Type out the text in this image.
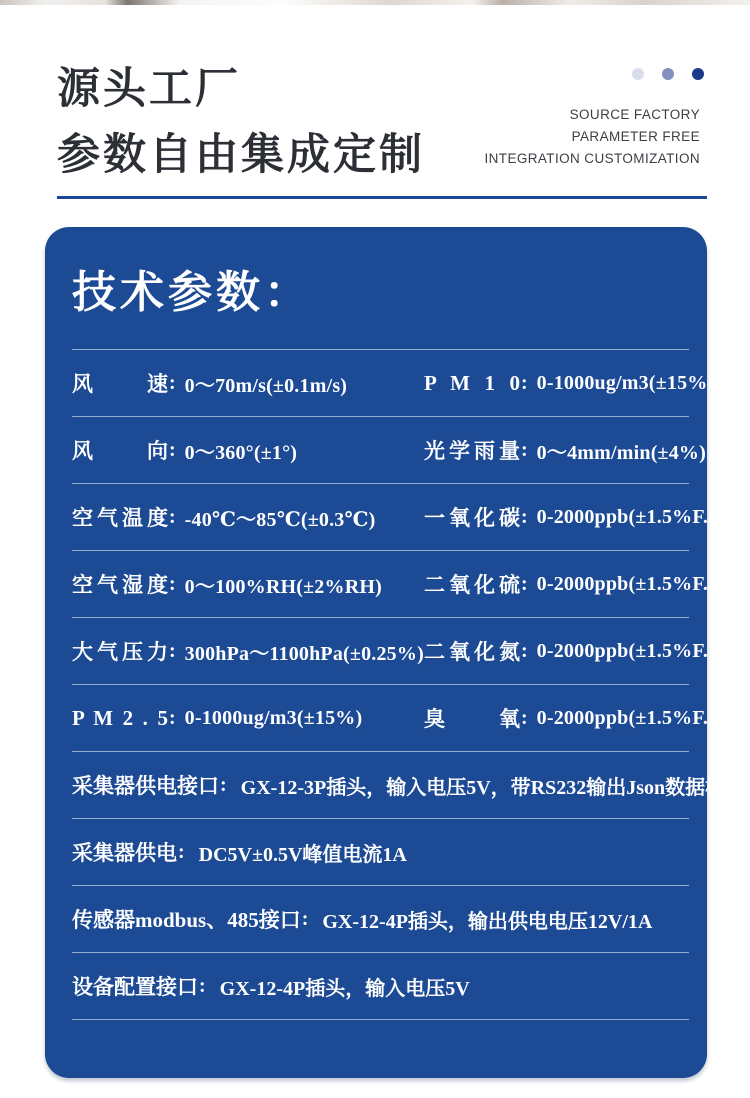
源头工厂
参数自由集成定制
SOURCE FACTORY
PARAMETER FREE
INTEGRATION CUSTOMIZATION
技术参数：
风速 : 0～70m/s(±0.1m/s)	P M 1 0 : 0-1000ug/m3(±15%)
风向 : 0～360°(±1°)	光学雨量 : 0～4mm/min(±4%)
空气温度 : -40℃～85℃(±0.3℃) 一氧化碳 : 0-2000ppb(±1.5%F.S)
空气湿度 : 0～100%RH(±2%RH) 二氧化硫 : 0-2000ppb(±1.5%F.S)
大气压力 : 300hPa～1100hPa(±0.25%) 二氧化氮 : 0-2000ppb(±1.5%F.S)
P M 2 . 5 : 0-1000ug/m3(±15%)	臭氧 : 0-2000ppb(±1.5%F.S)
采集器供电接口 : GX-12-3P插头，输入电压5V，带RS232输出Json数据格式
采集器供电 : DC5V±0.5V峰值电流1A
传感器modbus、485接口 : GX-12-4P插头，输出供电电压12V/1A
设备配置接口 : GX-12-4P插头，输入电压5V
